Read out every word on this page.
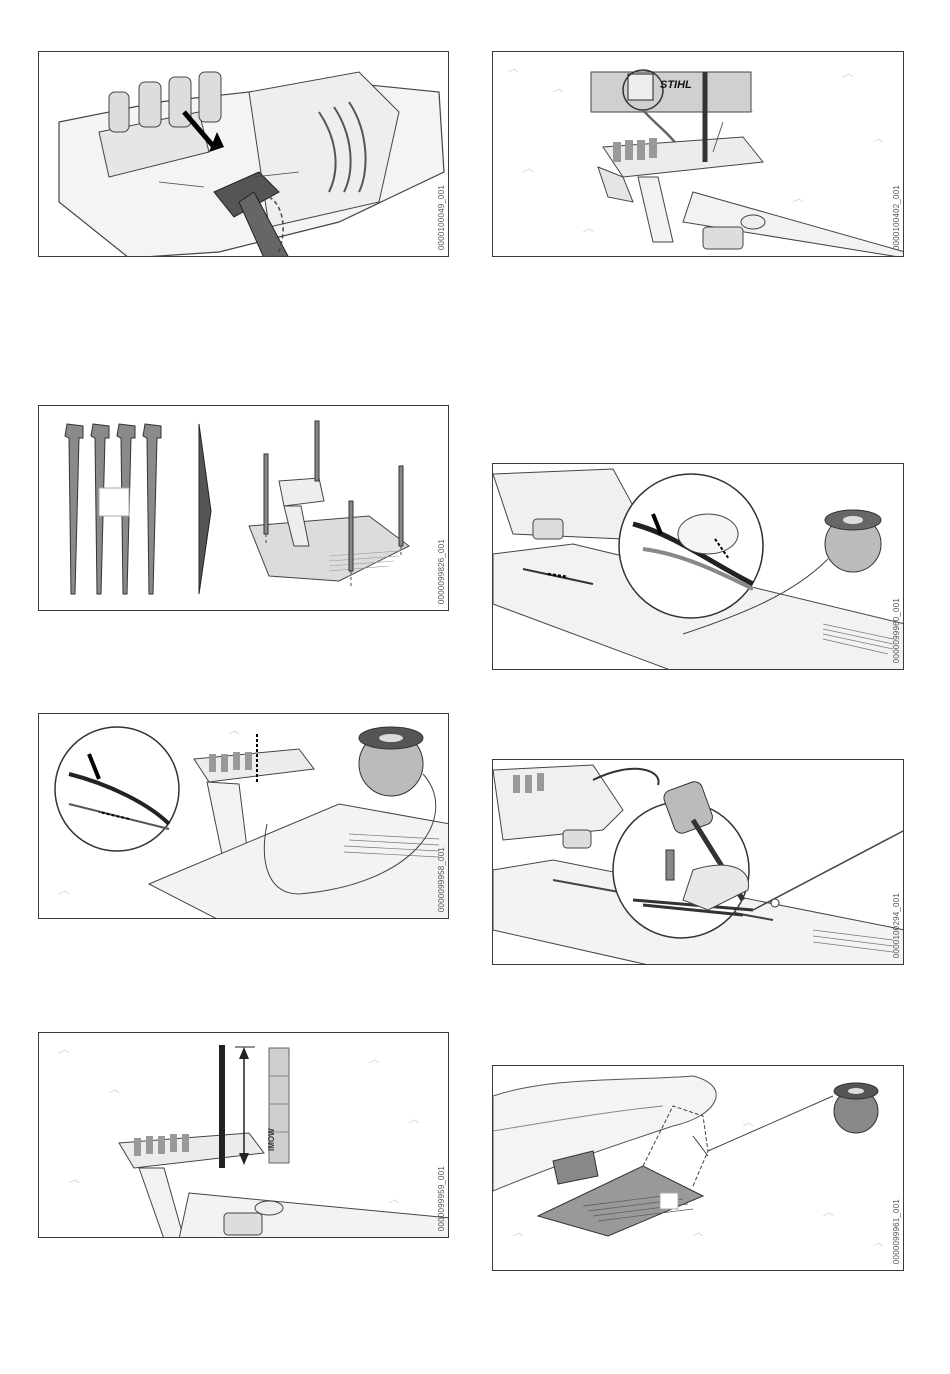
0000100049_001
STIHL
0000100402_001
0000099826_001
0000099960_001
0000099958_001
0000100294_001
iMOW
0000099959_001
0000099961_001
